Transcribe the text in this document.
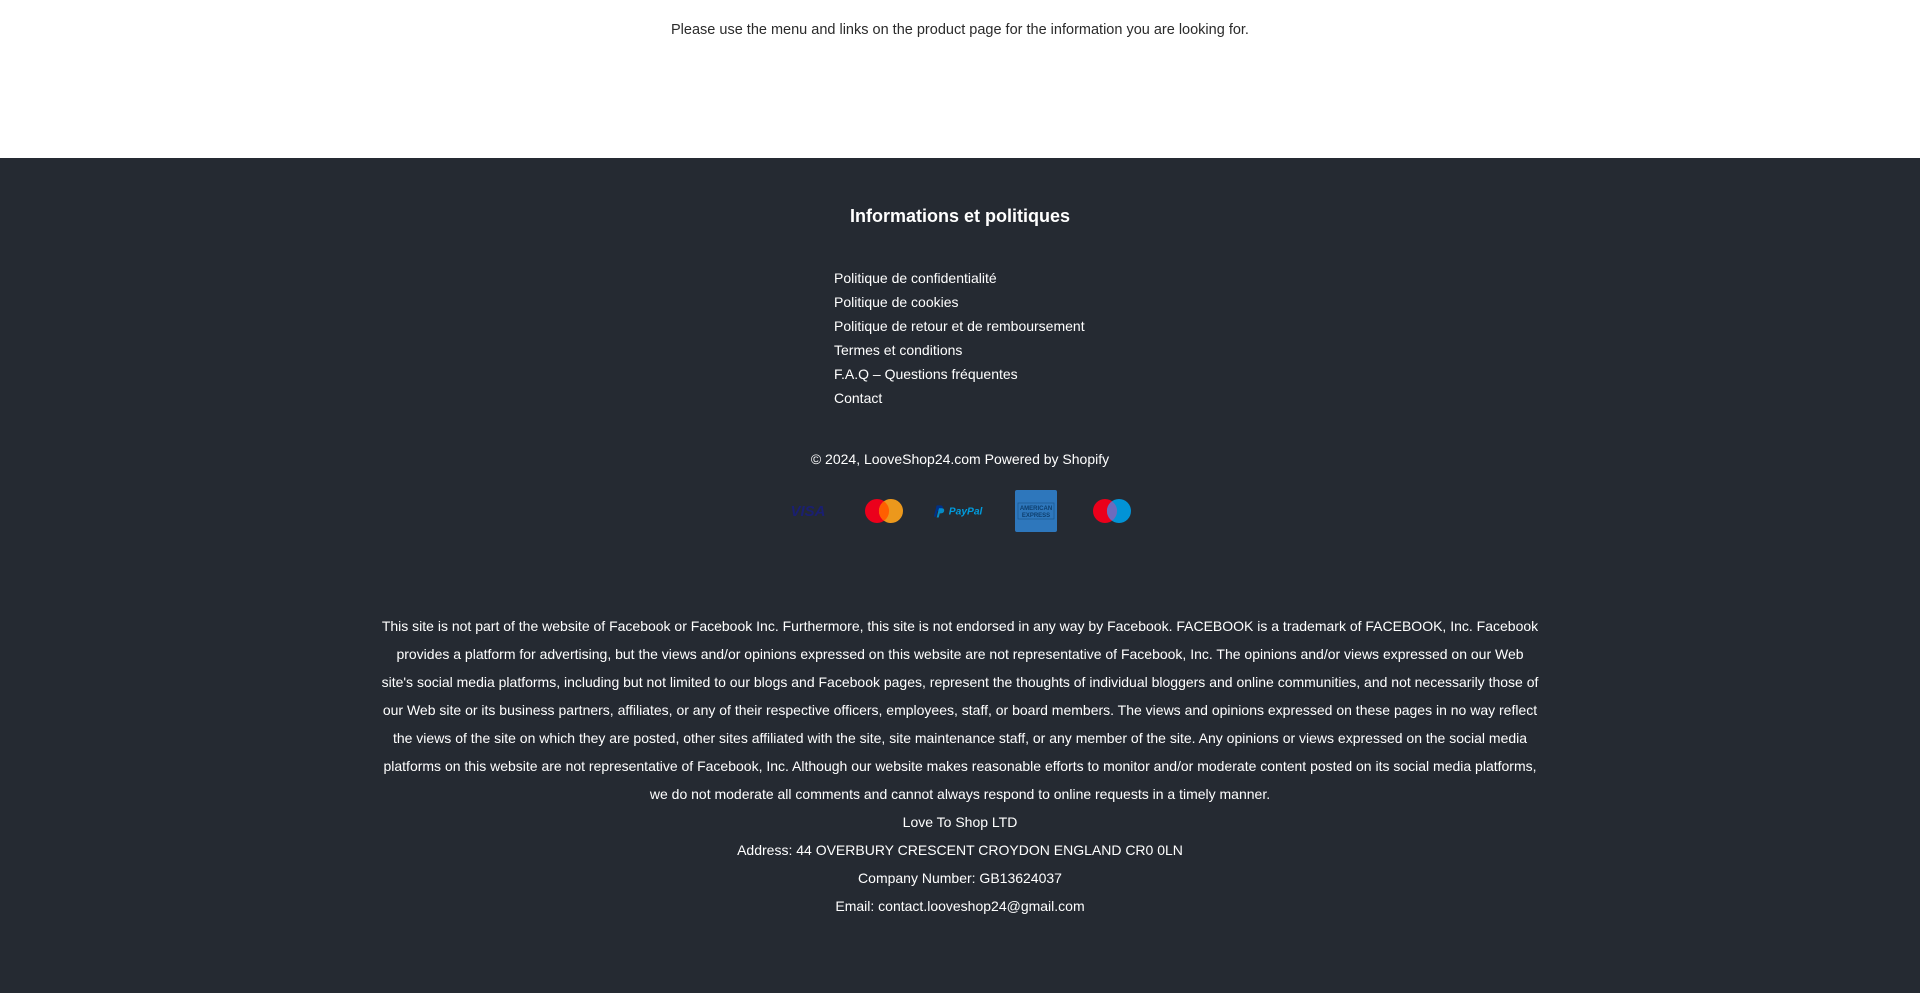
Please use the menu and links on the product page for the information you are looking for.

Informations et politiques
Politique de confidentialité
Politique de cookies
Politique de retour et de remboursement
Termes et conditions
F.A.Q – Questions fréquentes
Contact

© 2024, LooveShop24.com Powered by Shopify

VISA	PayPal	AMERICAN
EXPRESS

This site is not part of the website of Facebook or Facebook Inc. Furthermore, this site is not endorsed in any way by Facebook. FACEBOOK is a trademark of FACEBOOK, Inc. Facebook provides a platform for advertising, but the views and/or opinions expressed on this website are not representative of Facebook, Inc. The opinions and/or views expressed on our Web site's social media platforms, including but not limited to our blogs and Facebook pages, represent the thoughts of individual bloggers and online communities, and not necessarily those of our Web site or its business partners, affiliates, or any of their respective officers, employees, staff, or board members. The views and opinions expressed on these pages in no way reflect the views of the site on which they are posted, other sites affiliated with the site, site maintenance staff, or any member of the site. Any opinions or views expressed on the social media platforms on this website are not representative of Facebook, Inc. Although our website makes reasonable efforts to monitor and/or moderate content posted on its social media platforms, we do not moderate all comments and cannot always respond to online requests in a timely manner.

Love To Shop LTD

Address: 44 OVERBURY CRESCENT CROYDON ENGLAND CR0 0LN

Company Number: GB13624037

Email: contact.looveshop24@gmail.com
